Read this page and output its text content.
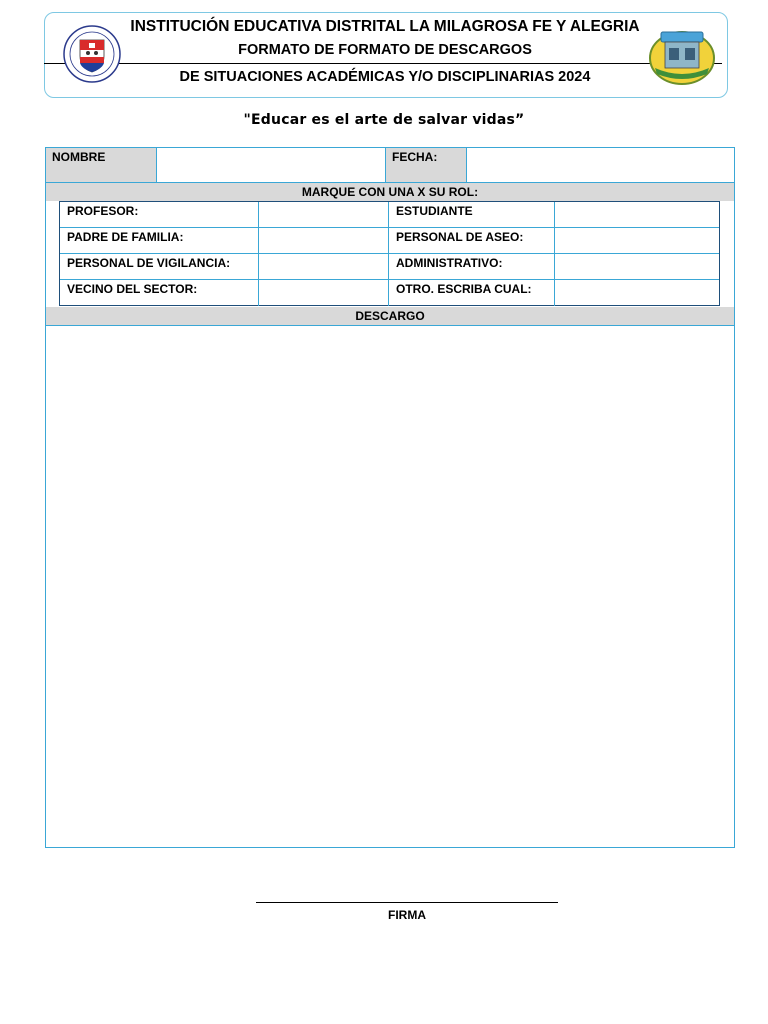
INSTITUCIÓN EDUCATIVA DISTRITAL LA MILAGROSA FE Y ALEGRIA
FORMATO DE FORMATO DE DESCARGOS
DE SITUACIONES ACADÉMICAS Y/O DISCIPLINARIAS 2024
"Educar es el arte de salvar vidas”
NOMBRE	FECHA:
MARQUE CON UNA X SU ROL:
PROFESOR:	ESTUDIANTE
PADRE DE FAMILIA:	PERSONAL DE ASEO:
PERSONAL DE VIGILANCIA:	ADMINISTRATIVO:
VECINO DEL SECTOR:	OTRO. ESCRIBA CUAL:
DESCARGO
FIRMA
